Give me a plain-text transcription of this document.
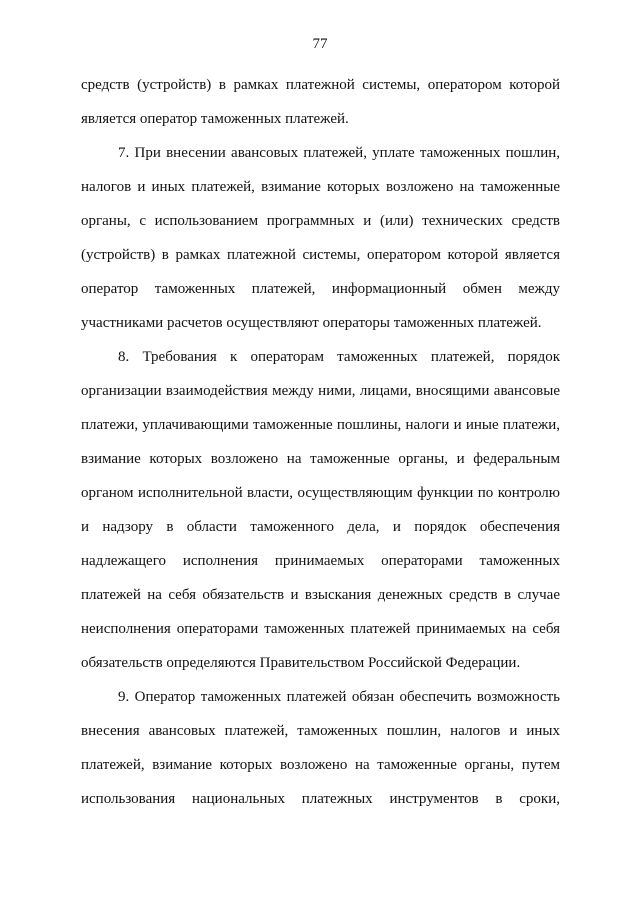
77
средств (устройств) в рамках платежной системы, оператором которой
является оператор таможенных платежей.
7. При внесении авансовых платежей, уплате таможенных пошлин,
налогов и иных платежей, взимание которых возложено на таможенные
органы, с использованием программных и (или) технических средств
(устройств) в рамках платежной системы, оператором которой является
оператор таможенных платежей, информационный обмен между
участниками расчетов осуществляют операторы таможенных платежей.
8. Требования к операторам таможенных платежей, порядок
организации взаимодействия между ними, лицами, вносящими авансовые
платежи, уплачивающими таможенные пошлины, налоги и иные платежи,
взимание которых возложено на таможенные органы, и федеральным
органом исполнительной власти, осуществляющим функции по контролю
и надзору в области таможенного дела, и порядок обеспечения
надлежащего исполнения принимаемых операторами таможенных
платежей на себя обязательств и взыскания денежных средств в случае
неисполнения операторами таможенных платежей принимаемых на себя
обязательств определяются Правительством Российской Федерации.
9. Оператор таможенных платежей обязан обеспечить возможность
внесения авансовых платежей, таможенных пошлин, налогов и иных
платежей, взимание которых возложено на таможенные органы, путем
использования национальных платежных инструментов в сроки,
